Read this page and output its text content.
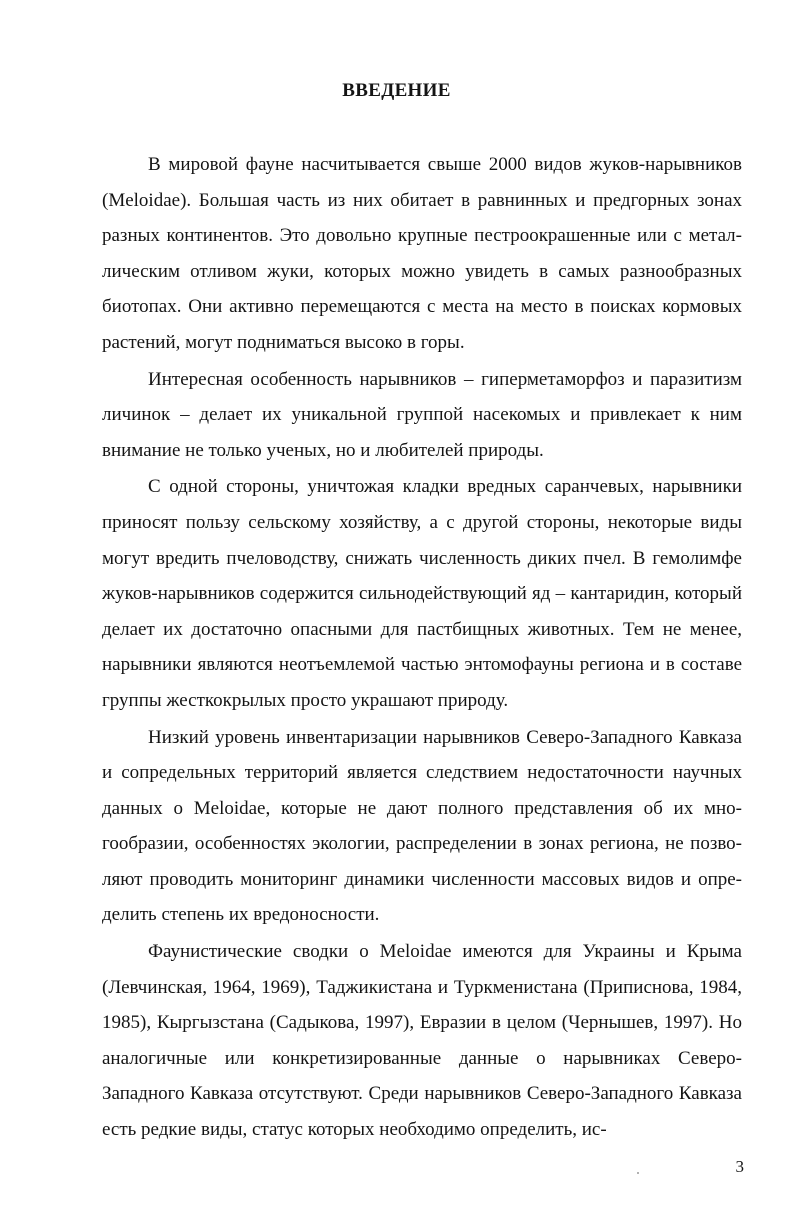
ВВЕДЕНИЕ

В мировой фауне насчитывается свыше 2000 видов жуков-нарывников (Meloidae). Большая часть из них обитает в равнинных и предгорных зонах разных континентов. Это довольно крупные пестроокрашенные или с металлическим отливом жуки, которых можно увидеть в самых разнообразных биотопах. Они активно перемещаются с места на место в поисках кормовых растений, могут подниматься высоко в горы.

Интересная особенность нарывников – гиперметаморфоз и паразитизм личинок – делает их уникальной группой насекомых и привлекает к ним внимание не только ученых, но и любителей природы.

С одной стороны, уничтожая кладки вредных саранчевых, нарывники приносят пользу сельскому хозяйству, а с другой стороны, некоторые виды могут вредить пчеловодству, снижать численность диких пчел. В гемолимфе жуков-нарывников содержится сильнодействующий яд – кантаридин, который делает их достаточно опасными для пастбищных животных. Тем не менее, нарывники являются неотъемлемой частью энтомофауны региона и в составе группы жесткокрылых просто украшают природу.

Низкий уровень инвентаризации нарывников Северо-Западного Кавказа и сопредельных территорий является следствием недостаточности научных данных о Meloidae, которые не дают полного представления об их многообразии, особенностях экологии, распределении в зонах региона, не позволяют проводить мониторинг динамики численности массовых видов и определить степень их вредоносности.

Фаунистические сводки о Meloidae имеются для Украины и Крыма (Левчинская, 1964, 1969), Таджикистана и Туркменистана (Приписнова, 1984, 1985), Кыргызстана (Садыкова, 1997), Евразии в целом (Чернышев, 1997). Но аналогичные или конкретизированные данные о нарывниках Северо-Западного Кавказа отсутствуют. Среди нарывников Северо-Западного Кавказа есть редкие виды, статус которых необходимо определить, ис-

3
